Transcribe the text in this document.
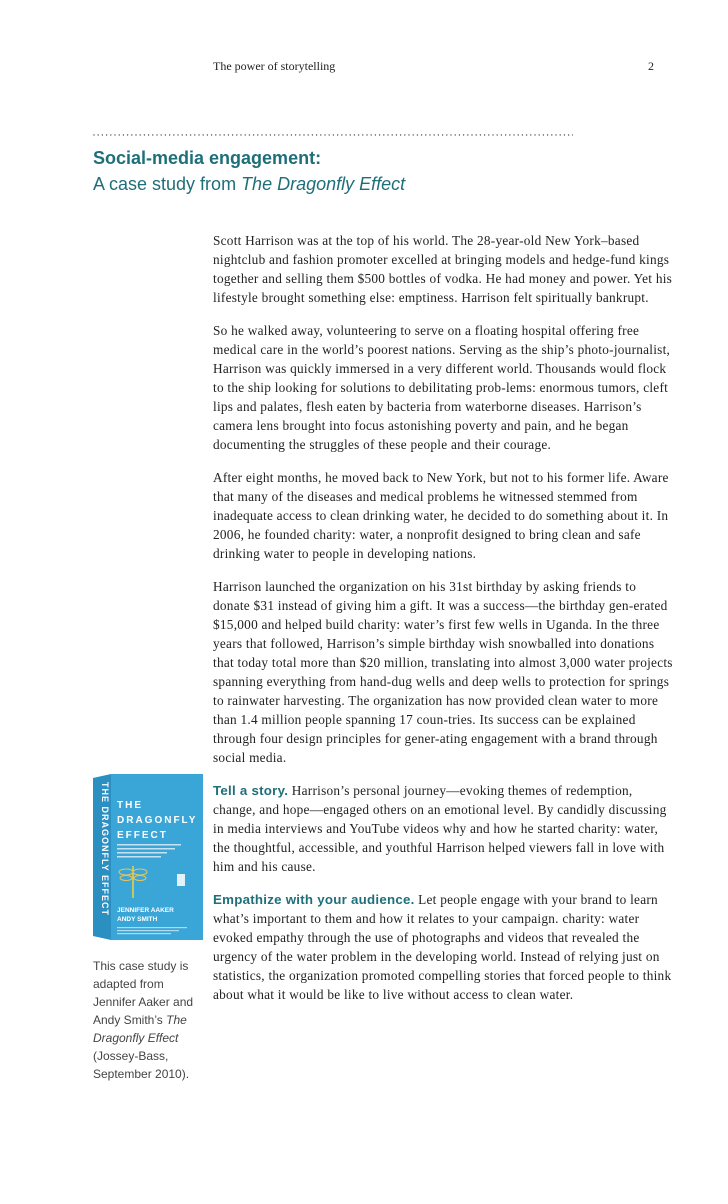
The power of storytelling	2
Social-media engagement:
A case study from The Dragonfly Effect

Scott Harrison was at the top of his world. The 28-year-old New York–based nightclub and fashion promoter excelled at bringing models and hedge-fund kings together and selling them $500 bottles of vodka. He had money and power. Yet his lifestyle brought something else: emptiness. Harrison felt spiritually bankrupt.

So he walked away, volunteering to serve on a floating hospital offering free medical care in the world’s poorest nations. Serving as the ship’s photo-journalist, Harrison was quickly immersed in a very different world. Thousands would flock to the ship looking for solutions to debilitating prob-lems: enormous tumors, cleft lips and palates, flesh eaten by bacteria from waterborne diseases. Harrison’s camera lens brought into focus astonishing poverty and pain, and he began documenting the struggles of these people and their courage.

After eight months, he moved back to New York, but not to his former life. Aware that many of the diseases and medical problems he witnessed stemmed from inadequate access to clean drinking water, he decided to do something about it. In 2006, he founded charity: water, a nonprofit designed to bring clean and safe drinking water to people in developing nations.

Harrison launched the organization on his 31st birthday by asking friends to donate $31 instead of giving him a gift. It was a success—the birthday gen-erated $15,000 and helped build charity: water’s first few wells in Uganda. In the three years that followed, Harrison’s simple birthday wish snowballed into donations that today total more than $20 million, translating into almost 3,000 water projects spanning everything from hand-dug wells and deep wells to protection for springs to rainwater harvesting. The organization has now provided clean water to more than 1.4 million people spanning 17 coun-tries. Its success can be explained through four design principles for gener-ating engagement with a brand through social media.

Tell a story. Harrison’s personal journey—evoking themes of redemption, change, and hope—engaged others on an emotional level. By candidly discussing in media interviews and YouTube videos why and how he started charity: water, the thoughtful, accessible, and youthful Harrison helped viewers fall in love with him and his cause.

Empathize with your audience. Let people engage with your brand to learn what’s important to them and how it relates to your campaign. charity: water evoked empathy through the use of photographs and videos that revealed the urgency of the water problem in the developing world. Instead of relying just on statistics, the organization promoted compelling stories that forced people to think about what it would be like to live without access to clean water.

THE DRAGONFLY EFFECT THE
DRAGONFLY
EFFECT
JENNIFER AAKER
ANDY SMITH
This case study is adapted from Jennifer Aaker and Andy Smith’s The Dragonfly Effect (Jossey-Bass, September 2010).
